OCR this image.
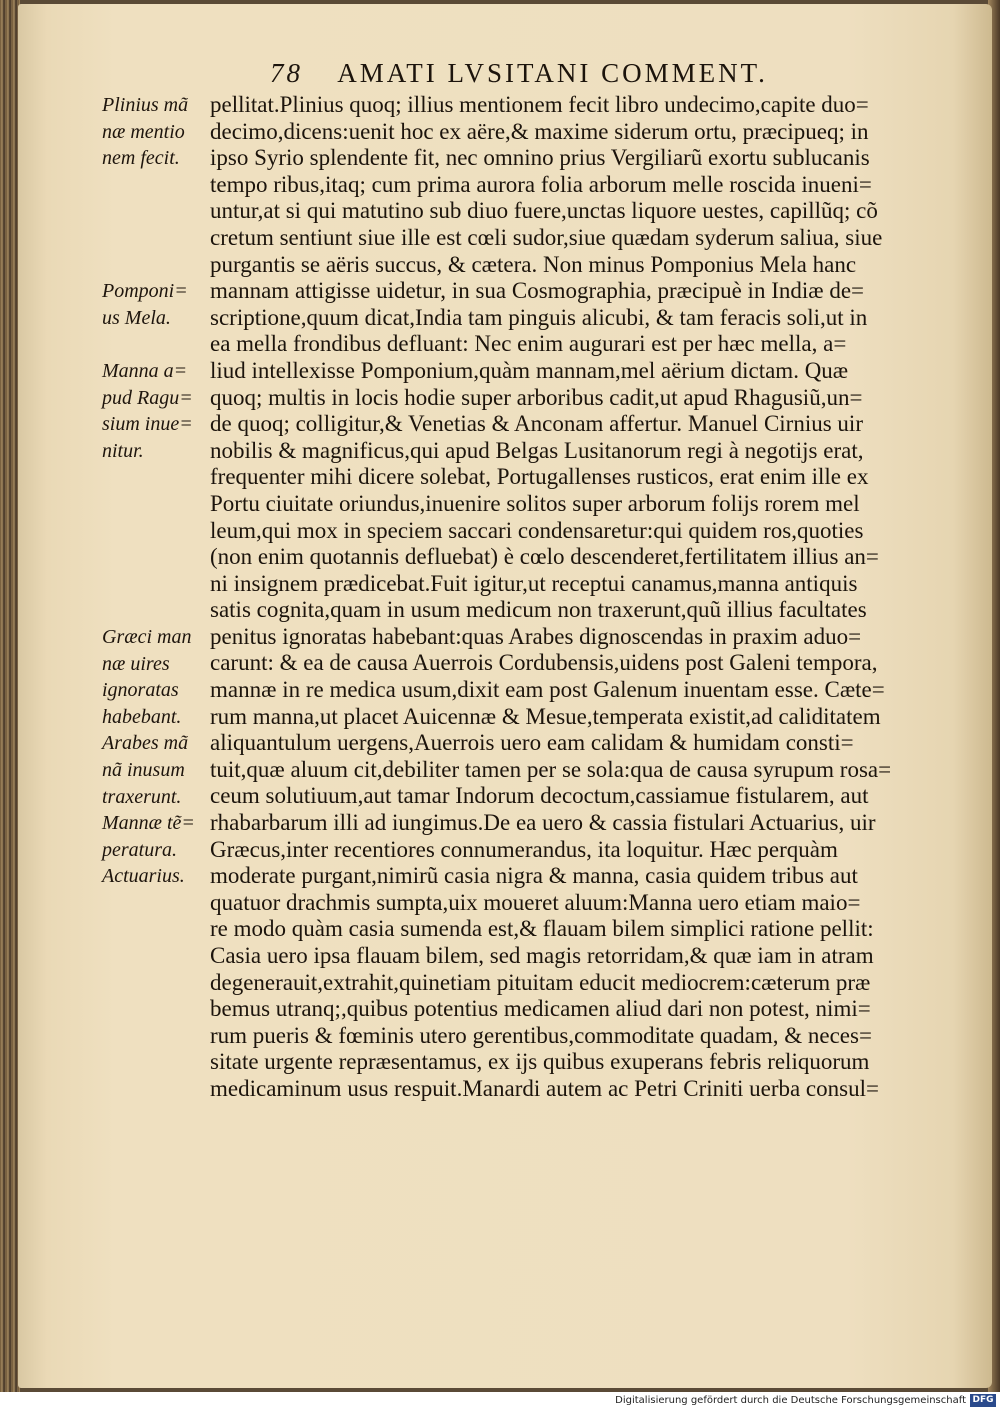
78 AMATI LVSITANI COMMENT.
Plinius mã
næ mentio
nem fecit.
Pomponi=
us Mela.
Manna a=
pud Ragu=
sium inue=
nitur.
Græci man
næ uires
ignoratas
habebant.
Arabes mã
nã inusum
traxerunt.
Mannæ tẽ=
peratura.
Actuarius.
pellitat.Plinius quoq; illius mentionem fecit libro undecimo,capite duo=
decimo,dicens:uenit hoc ex aëre,& maxime siderum ortu, præcipueq; in
ipso Syrio splendente fit, nec omnino prius Vergiliarũ exortu sublucanis
tempo ribus,itaq; cum prima aurora folia arborum melle roscida inueni=
untur,at si qui matutino sub diuo fuere,unctas liquore uestes, capillũq; cõ
cretum sentiunt siue ille est cœli sudor,siue quædam syderum saliua, siue
purgantis se aëris succus, & cætera. Non minus Pomponius Mela hanc
mannam attigisse uidetur, in sua Cosmographia, præcipuè in Indiæ de=
scriptione,quum dicat,India tam pinguis alicubi, & tam feracis soli,ut in
ea mella frondibus defluant: Nec enim augurari est per hæc mella, a=
liud intellexisse Pomponium,quàm mannam,mel aërium dictam. Quæ
quoq; multis in locis hodie super arboribus cadit,ut apud Rhagusiũ,un=
de quoq; colligitur,& Venetias & Anconam affertur. Manuel Cirnius uir
nobilis & magnificus,qui apud Belgas Lusitanorum regi à negotijs erat,
frequenter mihi dicere solebat, Portugallenses rusticos, erat enim ille ex
Portu ciuitate oriundus,inuenire solitos super arborum folijs rorem mel
leum,qui mox in speciem saccari condensaretur:qui quidem ros,quoties
(non enim quotannis defluebat) è cœlo descenderet,fertilitatem illius an=
ni insignem prædicebat.Fuit igitur,ut receptui canamus,manna antiquis
satis cognita,quam in usum medicum non traxerunt,quũ illius facultates
penitus ignoratas habebant:quas Arabes dignoscendas in praxim aduo=
carunt: & ea de causa Auerrois Cordubensis,uidens post Galeni tempora,
mannæ in re medica usum,dixit eam post Galenum inuentam esse. Cæte=
rum manna,ut placet Auicennæ & Mesue,temperata existit,ad caliditatem
aliquantulum uergens,Auerrois uero eam calidam & humidam consti=
tuit,quæ aluum cit,debiliter tamen per se sola:qua de causa syrupum rosa=
ceum solutiuum,aut tamar Indorum decoctum,cassiamue fistularem, aut
rhabarbarum illi ad iungimus.De ea uero & cassia fistulari Actuarius, uir
Græcus,inter recentiores connumerandus, ita loquitur. Hæc perquàm
moderate purgant,nimirũ casia nigra & manna, casia quidem tribus aut
quatuor drachmis sumpta,uix moueret aluum:Manna uero etiam maio=
re modo quàm casia sumenda est,& flauam bilem simplici ratione pellit:
Casia uero ipsa flauam bilem, sed magis retorridam,& quæ iam in atram
degenerauit,extrahit,quinetiam pituitam educit mediocrem:cæterum præ
bemus utranq;,quibus potentius medicamen aliud dari non potest, nimi=
rum pueris & fœminis utero gerentibus,commoditate quadam, & neces=
sitate urgente repræsentamus, ex ijs quibus exuperans febris reliquorum
medicaminum usus respuit.Manardi autem ac Petri Criniti uerba consul=
Digitalisierung gefördert durch die Deutsche Forschungsgemeinschaft DFG
